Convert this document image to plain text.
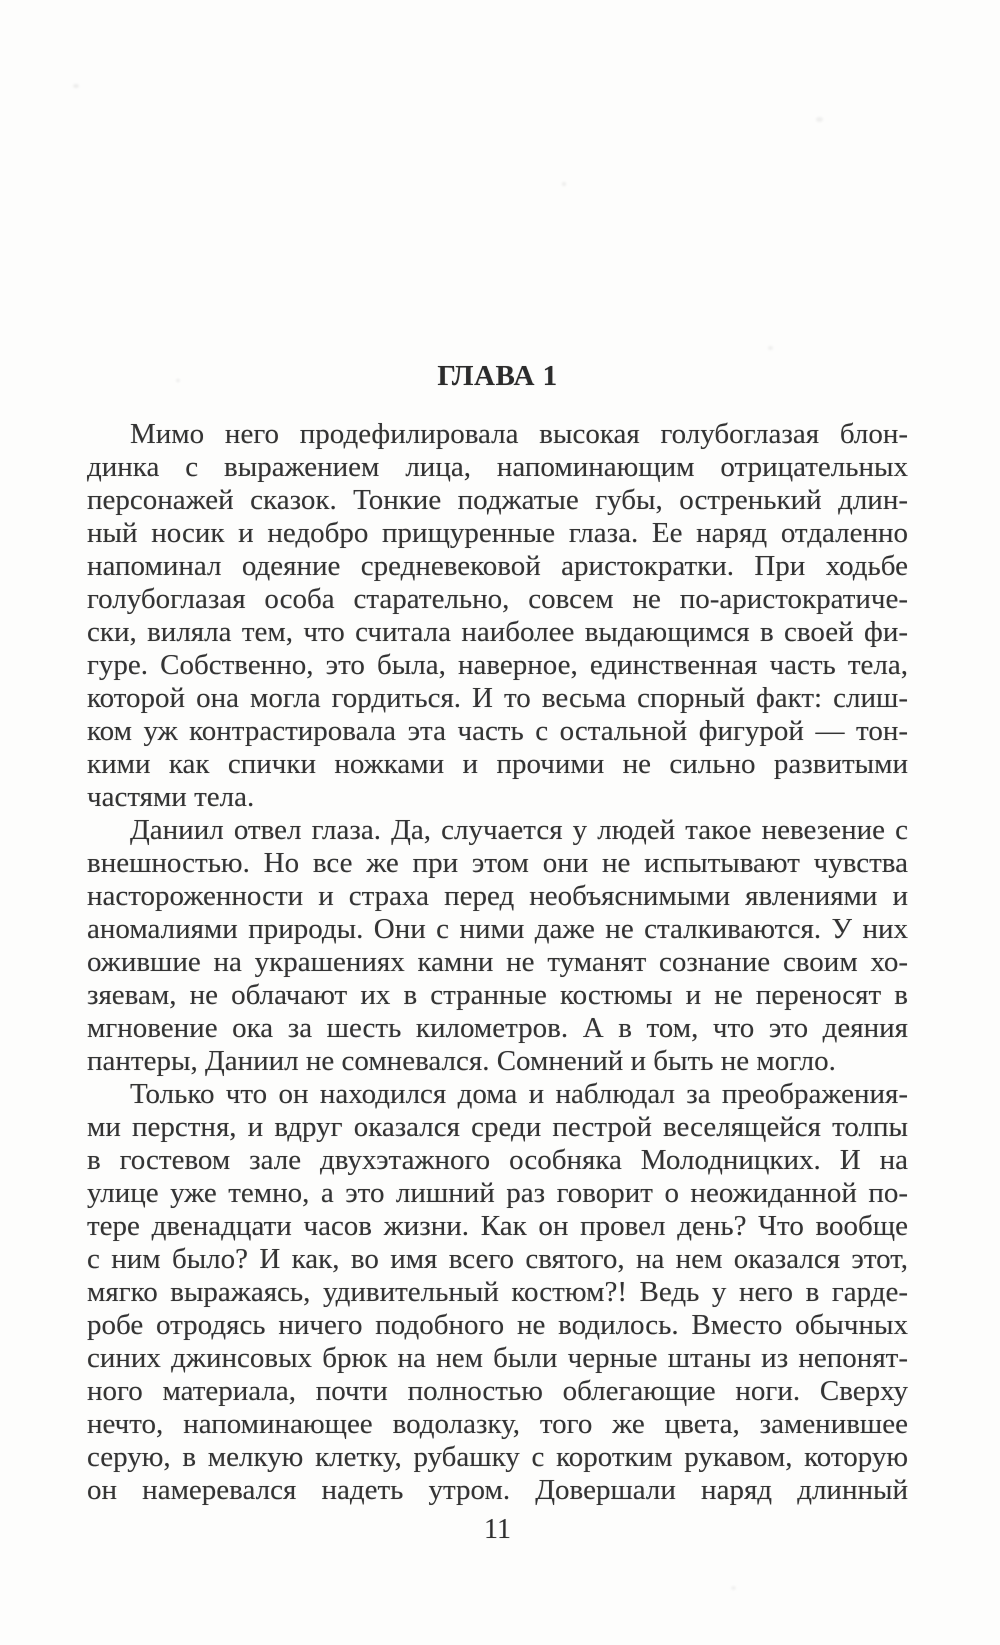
ГЛАВА 1
Мимо него продефилировала высокая голубоглазая блон-
динка с выражением лица, напоминающим отрицательных
персонажей сказок. Тонкие поджатые губы, остренький длин-
ный носик и недобро прищуренные глаза. Ее наряд отдаленно
напоминал одеяние средневековой аристократки. При ходьбе
голубоглазая особа старательно, совсем не по-аристократиче-
ски, виляла тем, что считала наиболее выдающимся в своей фи-
гуре. Собственно, это была, наверное, единственная часть тела,
которой она могла гордиться. И то весьма спорный факт: слиш-
ком уж контрастировала эта часть с остальной фигурой — тон-
кими как спички ножками и прочими не сильно развитыми
частями тела.
Даниил отвел глаза. Да, случается у людей такое невезение с
внешностью. Но все же при этом они не испытывают чувства
настороженности и страха перед необъяснимыми явлениями и
аномалиями природы. Они с ними даже не сталкиваются. У них
ожившие на украшениях камни не туманят сознание своим хо-
зяевам, не облачают их в странные костюмы и не переносят в
мгновение ока за шесть километров. А в том, что это деяния
пантеры, Даниил не сомневался. Сомнений и быть не могло.
Только что он находился дома и наблюдал за преображения-
ми перстня, и вдруг оказался среди пестрой веселящейся толпы
в гостевом зале двухэтажного особняка Молодницких. И на
улице уже темно, а это лишний раз говорит о неожиданной по-
тере двенадцати часов жизни. Как он провел день? Что вообще
с ним было? И как, во имя всего святого, на нем оказался этот,
мягко выражаясь, удивительный костюм?! Ведь у него в гарде-
робе отродясь ничего подобного не водилось. Вместо обычных
синих джинсовых брюк на нем были черные штаны из непонят-
ного материала, почти полностью облегающие ноги. Сверху
нечто, напоминающее водолазку, того же цвета, заменившее
серую, в мелкую клетку, рубашку с коротким рукавом, которую
он намеревался надеть утром. Довершали наряд длинный
11
